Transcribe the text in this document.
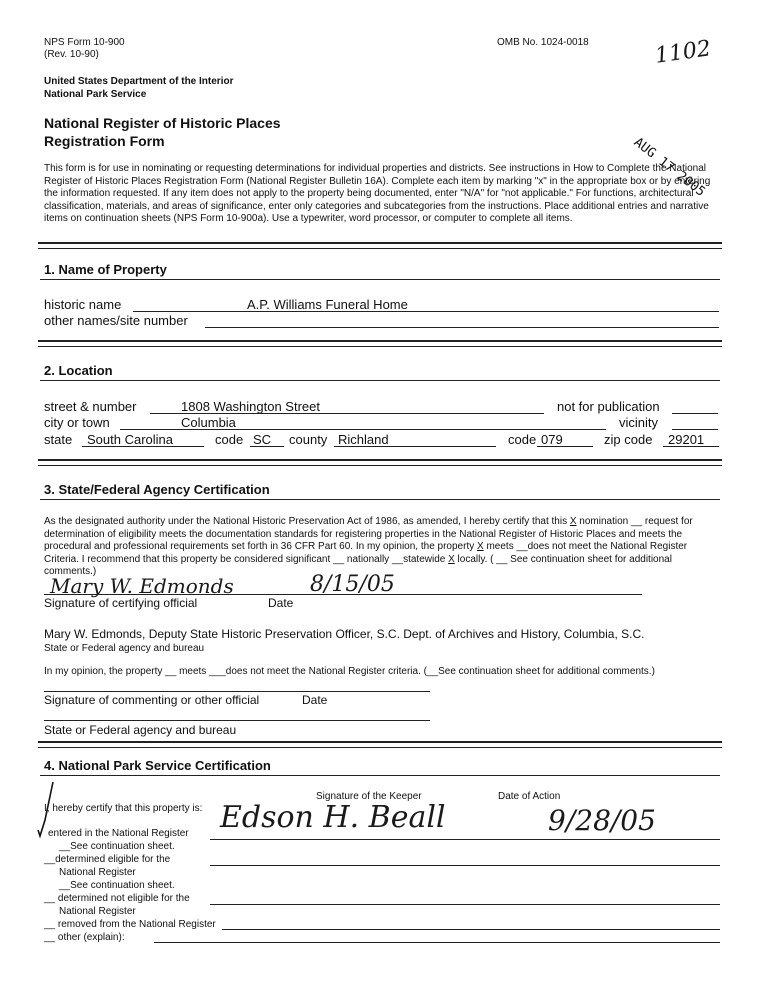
NPS Form 10-900
(Rev. 10-90)
OMB No. 1024-0018	1102
AUG 17 2005
United States Department of the Interior
National Park Service
National Register of Historic Places
Registration Form
This form is for use in nominating or requesting determinations for individual properties and districts. See instructions in How to Complete the National
Register of Historic Places Registration Form (National Register Bulletin 16A). Complete each item by marking "x" in the appropriate box or by entering
the information requested. If any item does not apply to the property being documented, enter "N/A" for "not applicable." For functions, architectural
classification, materials, and areas of significance, enter only categories and subcategories from the instructions. Place additional entries and narrative
items on continuation sheets (NPS Form 10-900a). Use a typewriter, word processor, or computer to complete all items.
1. Name of Property
historic name	A.P. Williams Funeral Home
other names/site number
2. Location
street & number	1808 Washington Street	not for publication
city or town	Columbia	vicinity
state South Carolina	code SC county Richland	code 079	zip code 29201
3. State/Federal Agency Certification
As the designated authority under the National Historic Preservation Act of 1986, as amended, I hereby certify that this X nomination __ request for
determination of eligibility meets the documentation standards for registering properties in the National Register of Historic Places and meets the
procedural and professional requirements set forth in 36 CFR Part 60. In my opinion, the property X meets __does not meet the National Register
Criteria. I recommend that this property be considered significant __ nationally __statewide X locally. ( __ See continuation sheet for additional
comments.)
Mary W. Edmonds	8/15/05
Signature of certifying official	Date
Mary W. Edmonds, Deputy State Historic Preservation Officer, S.C. Dept. of Archives and History, Columbia, S.C.
State or Federal agency and bureau
In my opinion, the property __ meets ___does not meet the National Register criteria. (__See continuation sheet for additional comments.)
Signature of commenting or other official	Date
State or Federal agency and bureau
4. National Park Service Certification
I, hereby certify that this property is:
Signature of the Keeper	Date of Action
Edson H. Beall	9/28/05
entered in the National Register
__See continuation sheet.
__determined eligible for the
National Register
__See continuation sheet.
__ determined not eligible for the
National Register
__ removed from the National Register
__ other (explain):
